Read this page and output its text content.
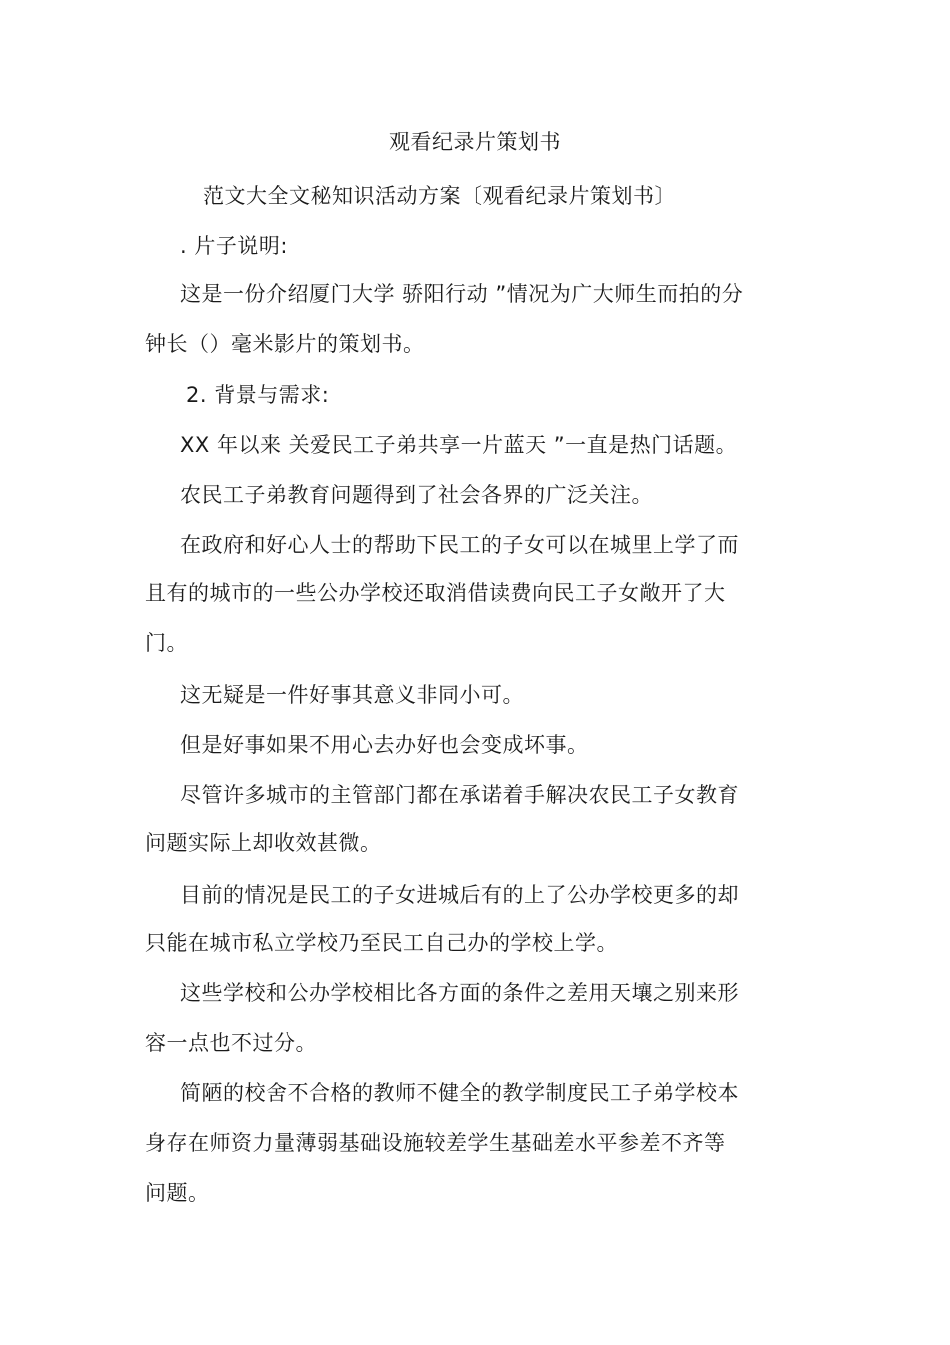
观看纪录片策划书
范文大全文秘知识活动方案〔观看纪录片策划书〕
. 片子说明:
这是一份介绍厦门大学 骄阳行动 ”情况为广大师生而拍的分
钟长（）毫米影片的策划书。
2. 背景与需求:
XX 年以来 关爱民工子弟共享一片蓝天 ”一直是热门话题。
农民工子弟教育问题得到了社会各界的广泛关注。
在政府和好心人士的帮助下民工的子女可以在城里上学了而
且有的城市的一些公办学校还取消借读费向民工子女敞开了大
门。
这无疑是一件好事其意义非同小可。
但是好事如果不用心去办好也会变成坏事。
尽管许多城市的主管部门都在承诺着手解决农民工子女教育
问题实际上却收效甚微。
目前的情况是民工的子女进城后有的上了公办学校更多的却
只能在城市私立学校乃至民工自己办的学校上学。
这些学校和公办学校相比各方面的条件之差用天壤之别来形
容一点也不过分。
简陋的校舍不合格的教师不健全的教学制度民工子弟学校本
身存在师资力量薄弱基础设施较差学生基础差水平参差不齐等
问题。
